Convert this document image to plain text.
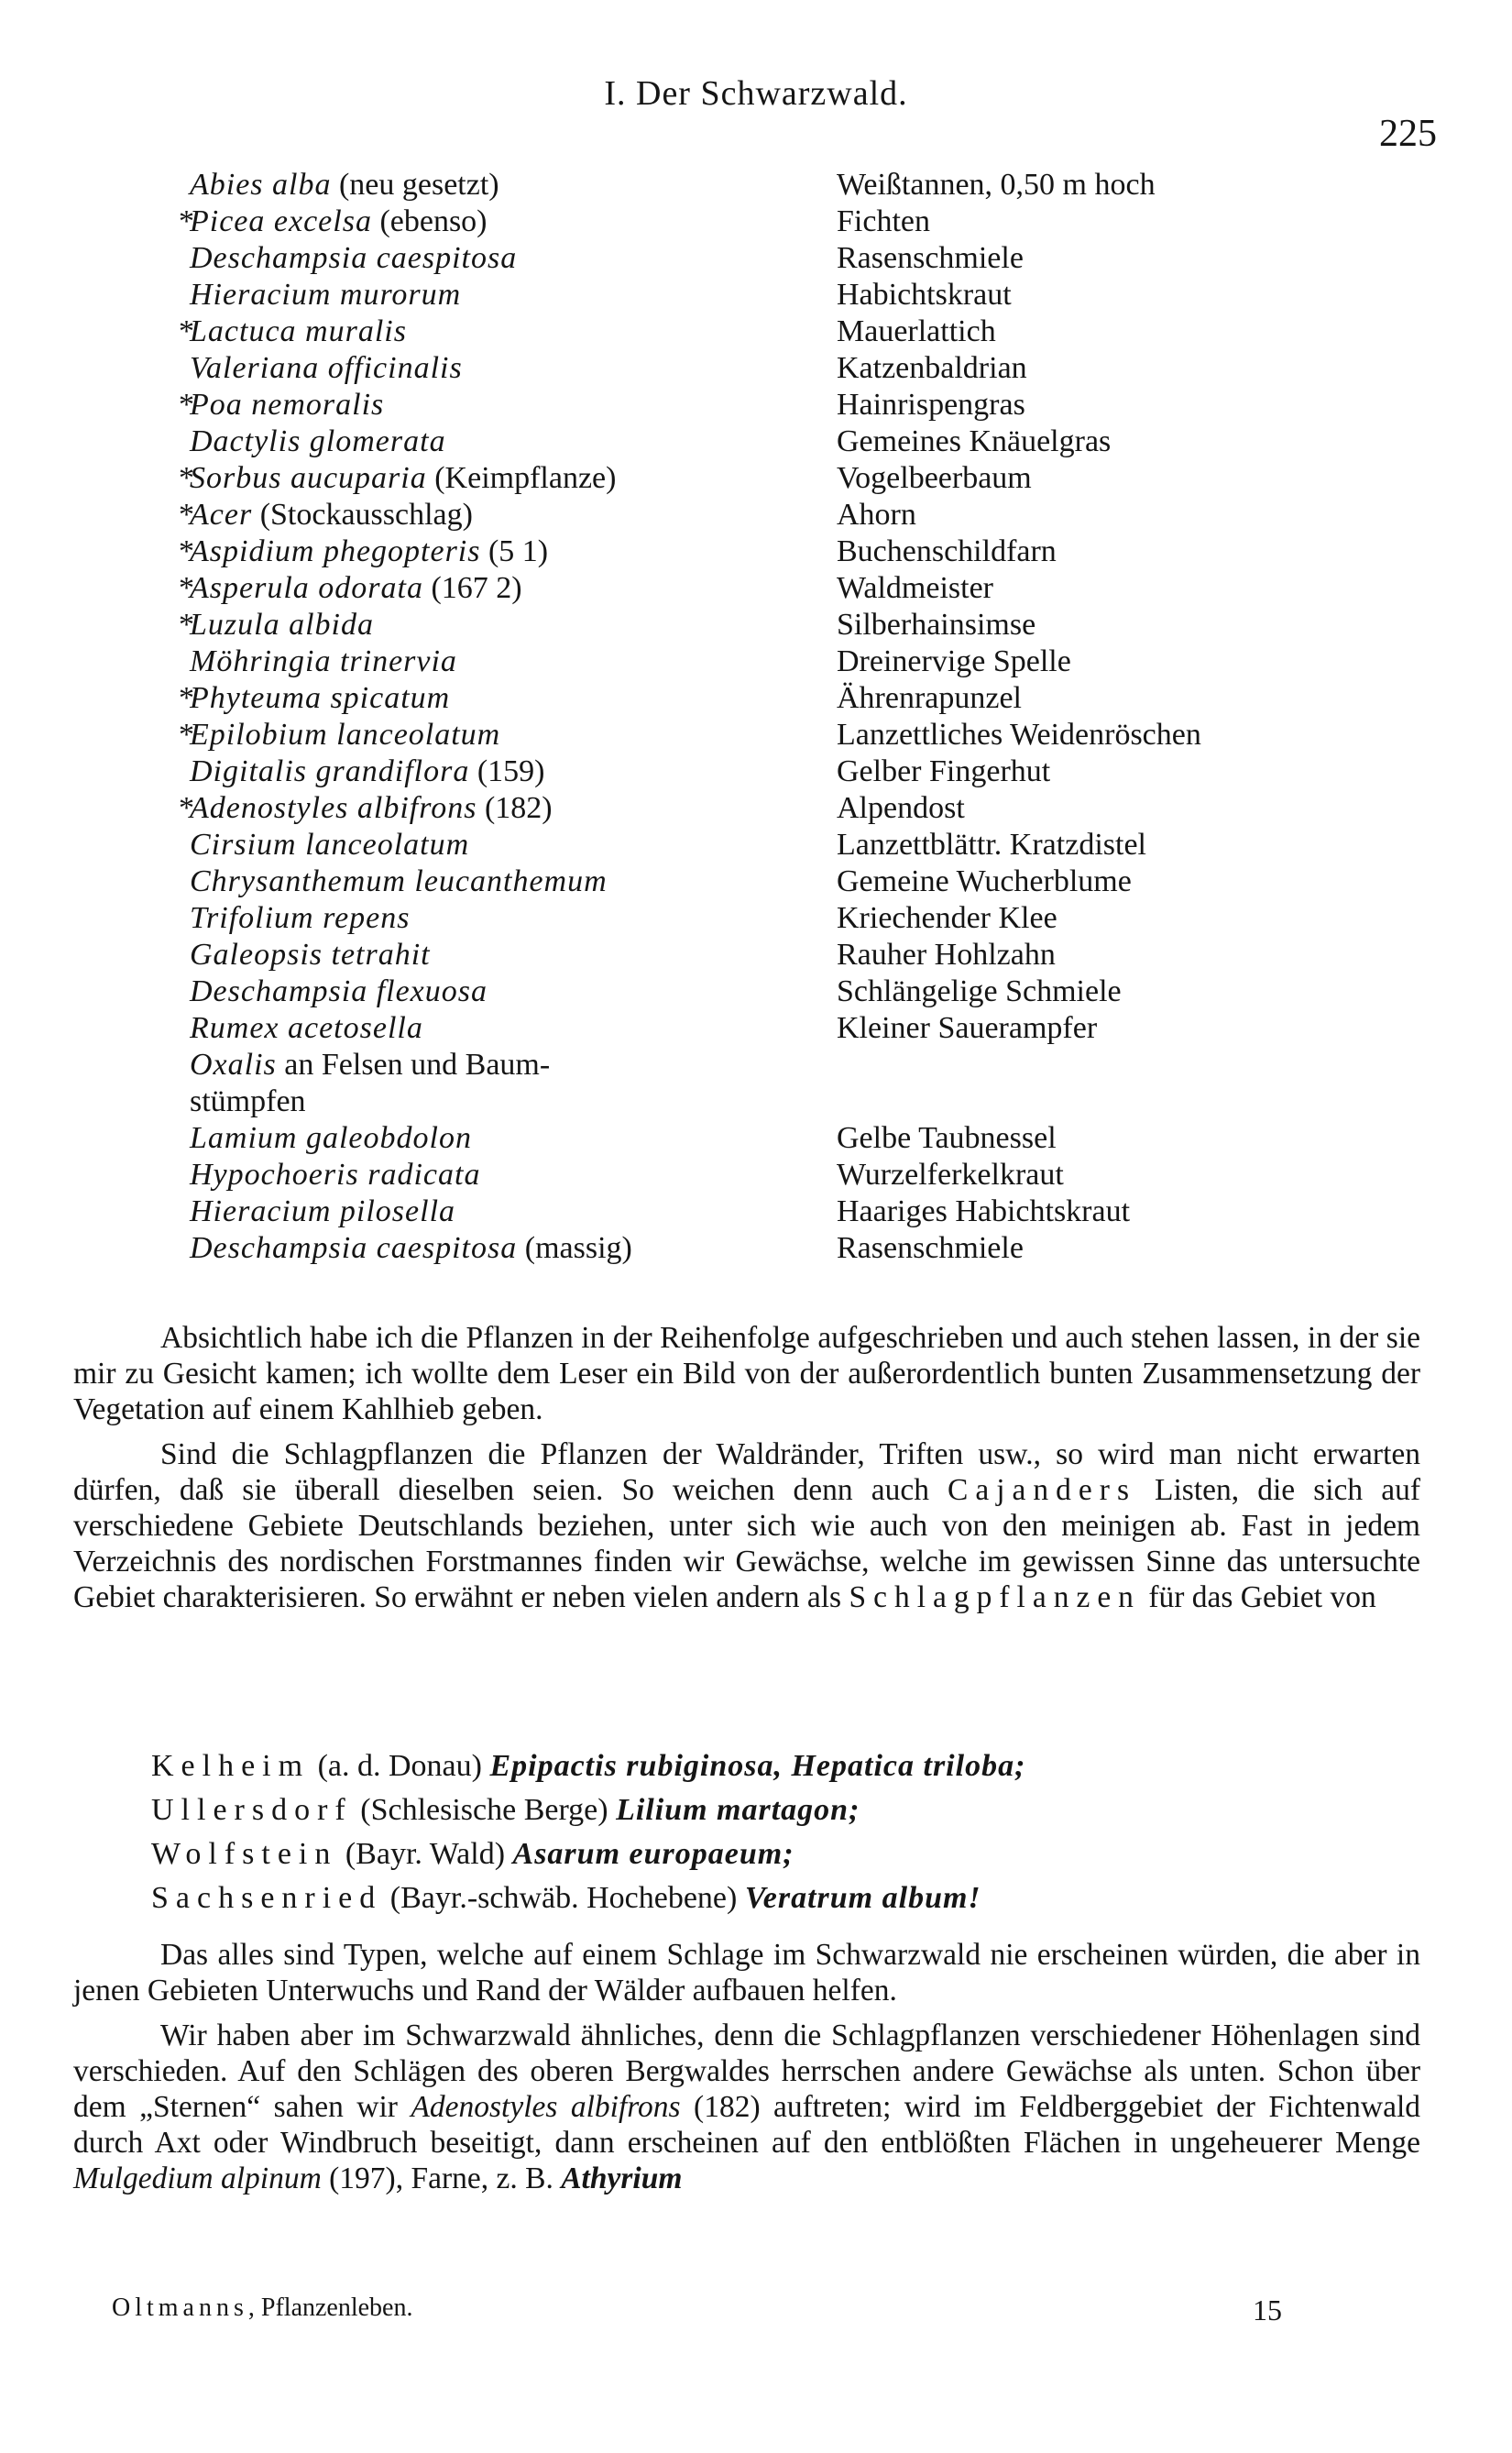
I. Der Schwarzwald.
225
Abies alba (neu gesetzt)	Weißtannen, 0,50 m hoch
*
Picea excelsa (ebenso)	Fichten
Deschampsia caespitosa	Rasenschmiele
Hieracium murorum	Habichtskraut
*
Lactuca muralis	Mauerlattich
Valeriana officinalis	Katzenbaldrian
*
Poa nemoralis	Hainrispengras
Dactylis glomerata	Gemeines Knäuelgras
*
Sorbus aucuparia (Keimpflanze)	Vogelbeerbaum
*
Acer (Stockausschlag)	Ahorn
*
Aspidium phegopteris (5 1)	Buchenschildfarn
*
Asperula odorata (167 2)	Waldmeister
*
Luzula albida	Silberhainsimse
Möhringia trinervia	Dreinervige Spelle
*
Phyteuma spicatum	Ährenrapunzel
*
Epilobium lanceolatum	Lanzettliches Weidenröschen
Digitalis grandiflora (159)	Gelber Fingerhut
*
Adenostyles albifrons (182)	Alpendost
Cirsium lanceolatum	Lanzettblättr. Kratzdistel
Chrysanthemum leucanthemum	Gemeine Wucherblume
Trifolium repens	Kriechender Klee
Galeopsis tetrahit	Rauher Hohlzahn
Deschampsia flexuosa	Schlängelige Schmiele
Rumex acetosella	Kleiner Sauerampfer
Oxalis an Felsen und Baum-
stümpfen
Lamium galeobdolon	Gelbe Taubnessel
Hypochoeris radicata	Wurzelferkelkraut
Hieracium pilosella	Haariges Habichtskraut
Deschampsia caespitosa (massig)	Rasenschmiele

Absichtlich habe ich die Pflanzen in der Reihenfolge aufgeschrieben und auch stehen lassen, in der sie mir zu Gesicht kamen; ich wollte dem Leser ein Bild von der außerordentlich bunten Zusammensetzung der Vegetation auf einem Kahlhieb geben.

Sind die Schlagpflanzen die Pflanzen der Waldränder, Triften usw., so wird man nicht erwarten dürfen, daß sie überall dieselben seien. So weichen denn auch Cajanders Listen, die sich auf verschiedene Gebiete Deutschlands beziehen, unter sich wie auch von den meinigen ab. Fast in jedem Verzeichnis des nordischen Forstmannes finden wir Gewächse, welche im gewissen Sinne das untersuchte Gebiet charakterisieren. So erwähnt er neben vielen andern als Schlagpflanzen für das Gebiet von

Kelheim (a. d. Donau) Epipactis rubiginosa, Hepatica triloba;
Ullersdorf (Schlesische Berge) Lilium martagon;
Wolfstein (Bayr. Wald) Asarum europaeum;
Sachsenried (Bayr.-schwäb. Hochebene) Veratrum album!

Das alles sind Typen, welche auf einem Schlage im Schwarzwald nie erscheinen würden, die aber in jenen Gebieten Unterwuchs und Rand der Wälder aufbauen helfen.

Wir haben aber im Schwarzwald ähnliches, denn die Schlagpflanzen verschiedener Höhenlagen sind verschieden. Auf den Schlägen des oberen Bergwaldes herrschen andere Gewächse als unten. Schon über dem „Sternen“ sahen wir Adenostyles albifrons (182) auftreten; wird im Feldberggebiet der Fichtenwald durch Axt oder Windbruch beseitigt, dann erscheinen auf den entblößten Flächen in ungeheuerer Menge Mulgedium alpinum (197), Farne, z. B. Athyrium

Oltmanns, Pflanzenleben.	15
